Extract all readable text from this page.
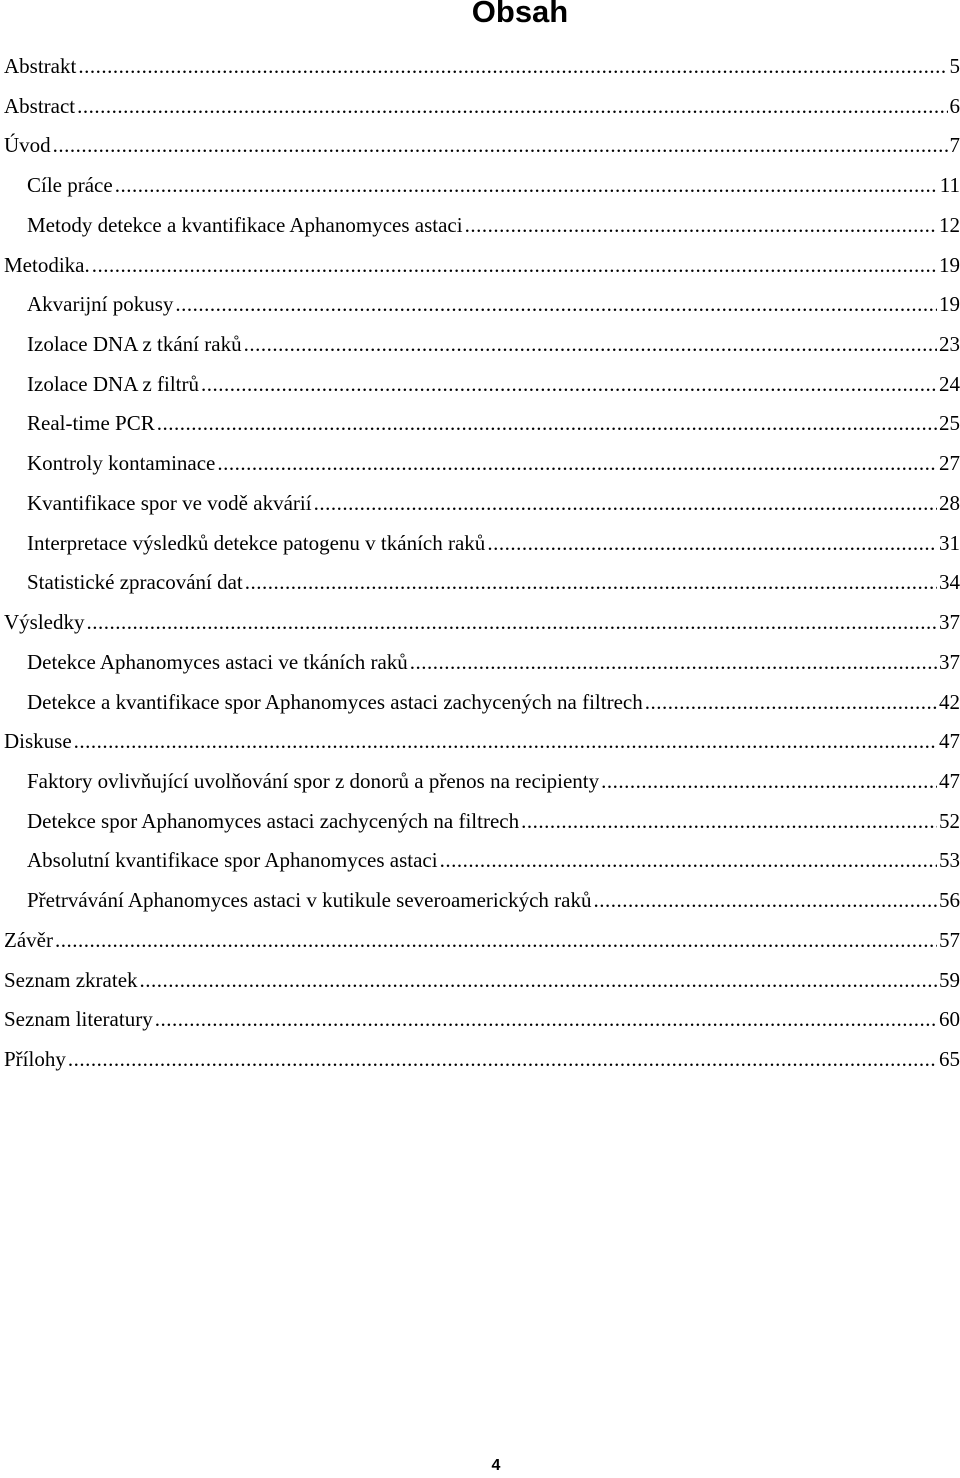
Obsah
Abstrakt .....	5
Abstract .....	6
Úvod .....	7
Cíle práce .....	11
Metody detekce a kvantifikace Aphanomyces astaci .....	12
Metodika. .....	19
Akvarijní pokusy .....	19
Izolace DNA z tkání raků .....	23
Izolace DNA z filtrů .....	24
Real-time PCR .....	25
Kontroly kontaminace .....	27
Kvantifikace spor ve vodě akvárií .....	28
Interpretace výsledků detekce patogenu v tkáních raků .....	31
Statistické zpracování dat .....	34
Výsledky .....	37
Detekce Aphanomyces astaci ve tkáních raků .....	37
Detekce a kvantifikace spor Aphanomyces astaci zachycených na filtrech .....	42
Diskuse .....	47
Faktory ovlivňující uvolňování spor z donorů a přenos na recipienty .....	47
Detekce spor Aphanomyces astaci zachycených na filtrech .....	52
Absolutní kvantifikace spor Aphanomyces astaci .....	53
Přetrvávání Aphanomyces astaci v kutikule severoamerických raků .....	56
Závěr .....	57
Seznam zkratek .....	59
Seznam literatury .....	60
Přílohy .....	65
4
